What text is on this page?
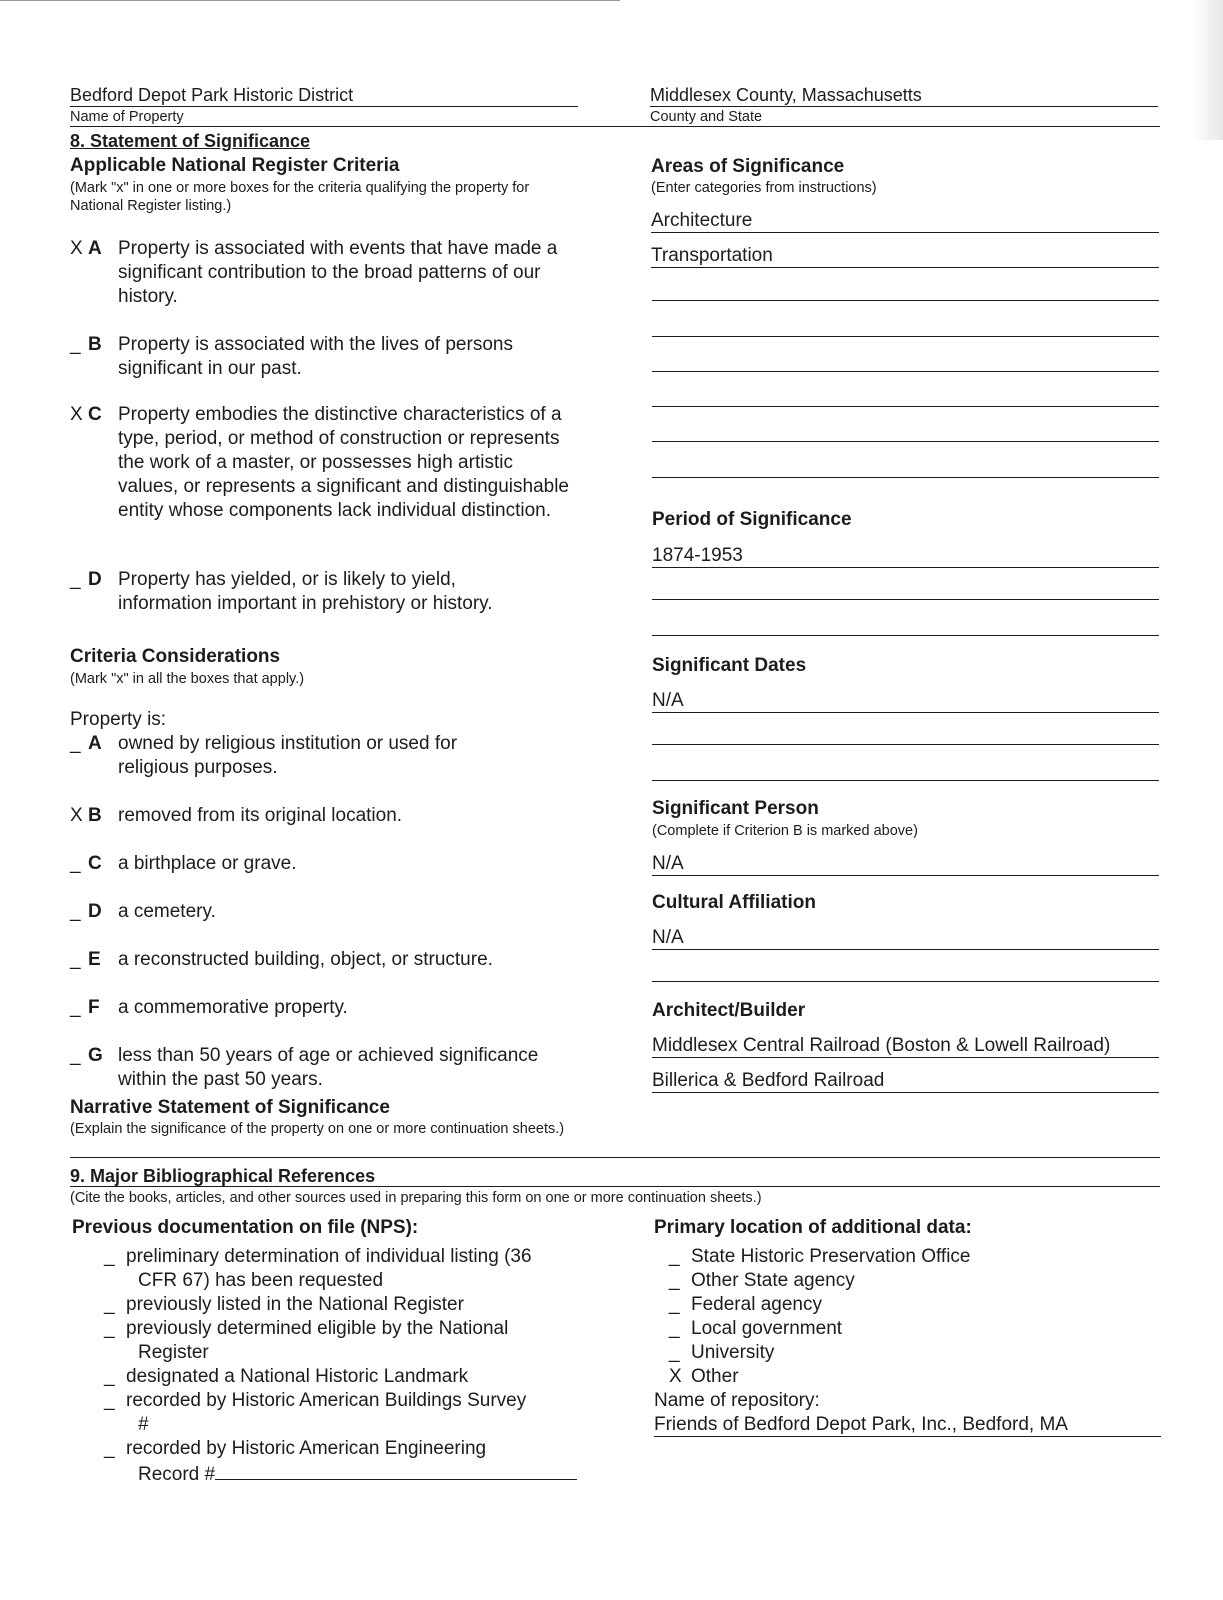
Bedford Depot Park Historic District	Middlesex County, Massachusetts
Name of Property	County and State
8. Statement of Significance
Applicable National Register Criteria
(Mark "x" in one or more boxes for the criteria qualifying the property for National Register listing.)
X A Property is associated with events that have made a significant contribution to the broad patterns of our history.
_ B Property is associated with the lives of persons significant in our past.
X C Property embodies the distinctive characteristics of a type, period, or method of construction or represents the work of a master, or possesses high artistic values, or represents a significant and distinguishable entity whose components lack individual distinction.
_ D Property has yielded, or is likely to yield, information important in prehistory or history.
Criteria Considerations
(Mark "x" in all the boxes that apply.)
Property is:
_ A owned by religious institution or used for religious purposes.
X B removed from its original location.
_ C a birthplace or grave.
_ D a cemetery.
_ E a reconstructed building, object, or structure.
_ F a commemorative property.
_ G less than 50 years of age or achieved significance within the past 50 years.
Narrative Statement of Significance
(Explain the significance of the property on one or more continuation sheets.)
Areas of Significance
(Enter categories from instructions)
Architecture
Transportation
Period of Significance
1874-1953
Significant Dates
N/A
Significant Person
(Complete if Criterion B is marked above)
N/A
Cultural Affiliation
N/A
Architect/Builder
Middlesex Central Railroad (Boston & Lowell Railroad)
Billerica & Bedford Railroad
9. Major Bibliographical References
(Cite the books, articles, and other sources used in preparing this form on one or more continuation sheets.)
Previous documentation on file (NPS):
_ preliminary determination of individual listing (36
CFR 67) has been requested
_ previously listed in the National Register
_ previously determined eligible by the National
Register
_ designated a National Historic Landmark
_ recorded by Historic American Buildings Survey
#
_ recorded by Historic American Engineering
Record #
Primary location of additional data:
_ State Historic Preservation Office
_ Other State agency
_ Federal agency
_ Local government
_ University
X Other
Name of repository:
Friends of Bedford Depot Park, Inc., Bedford, MA
